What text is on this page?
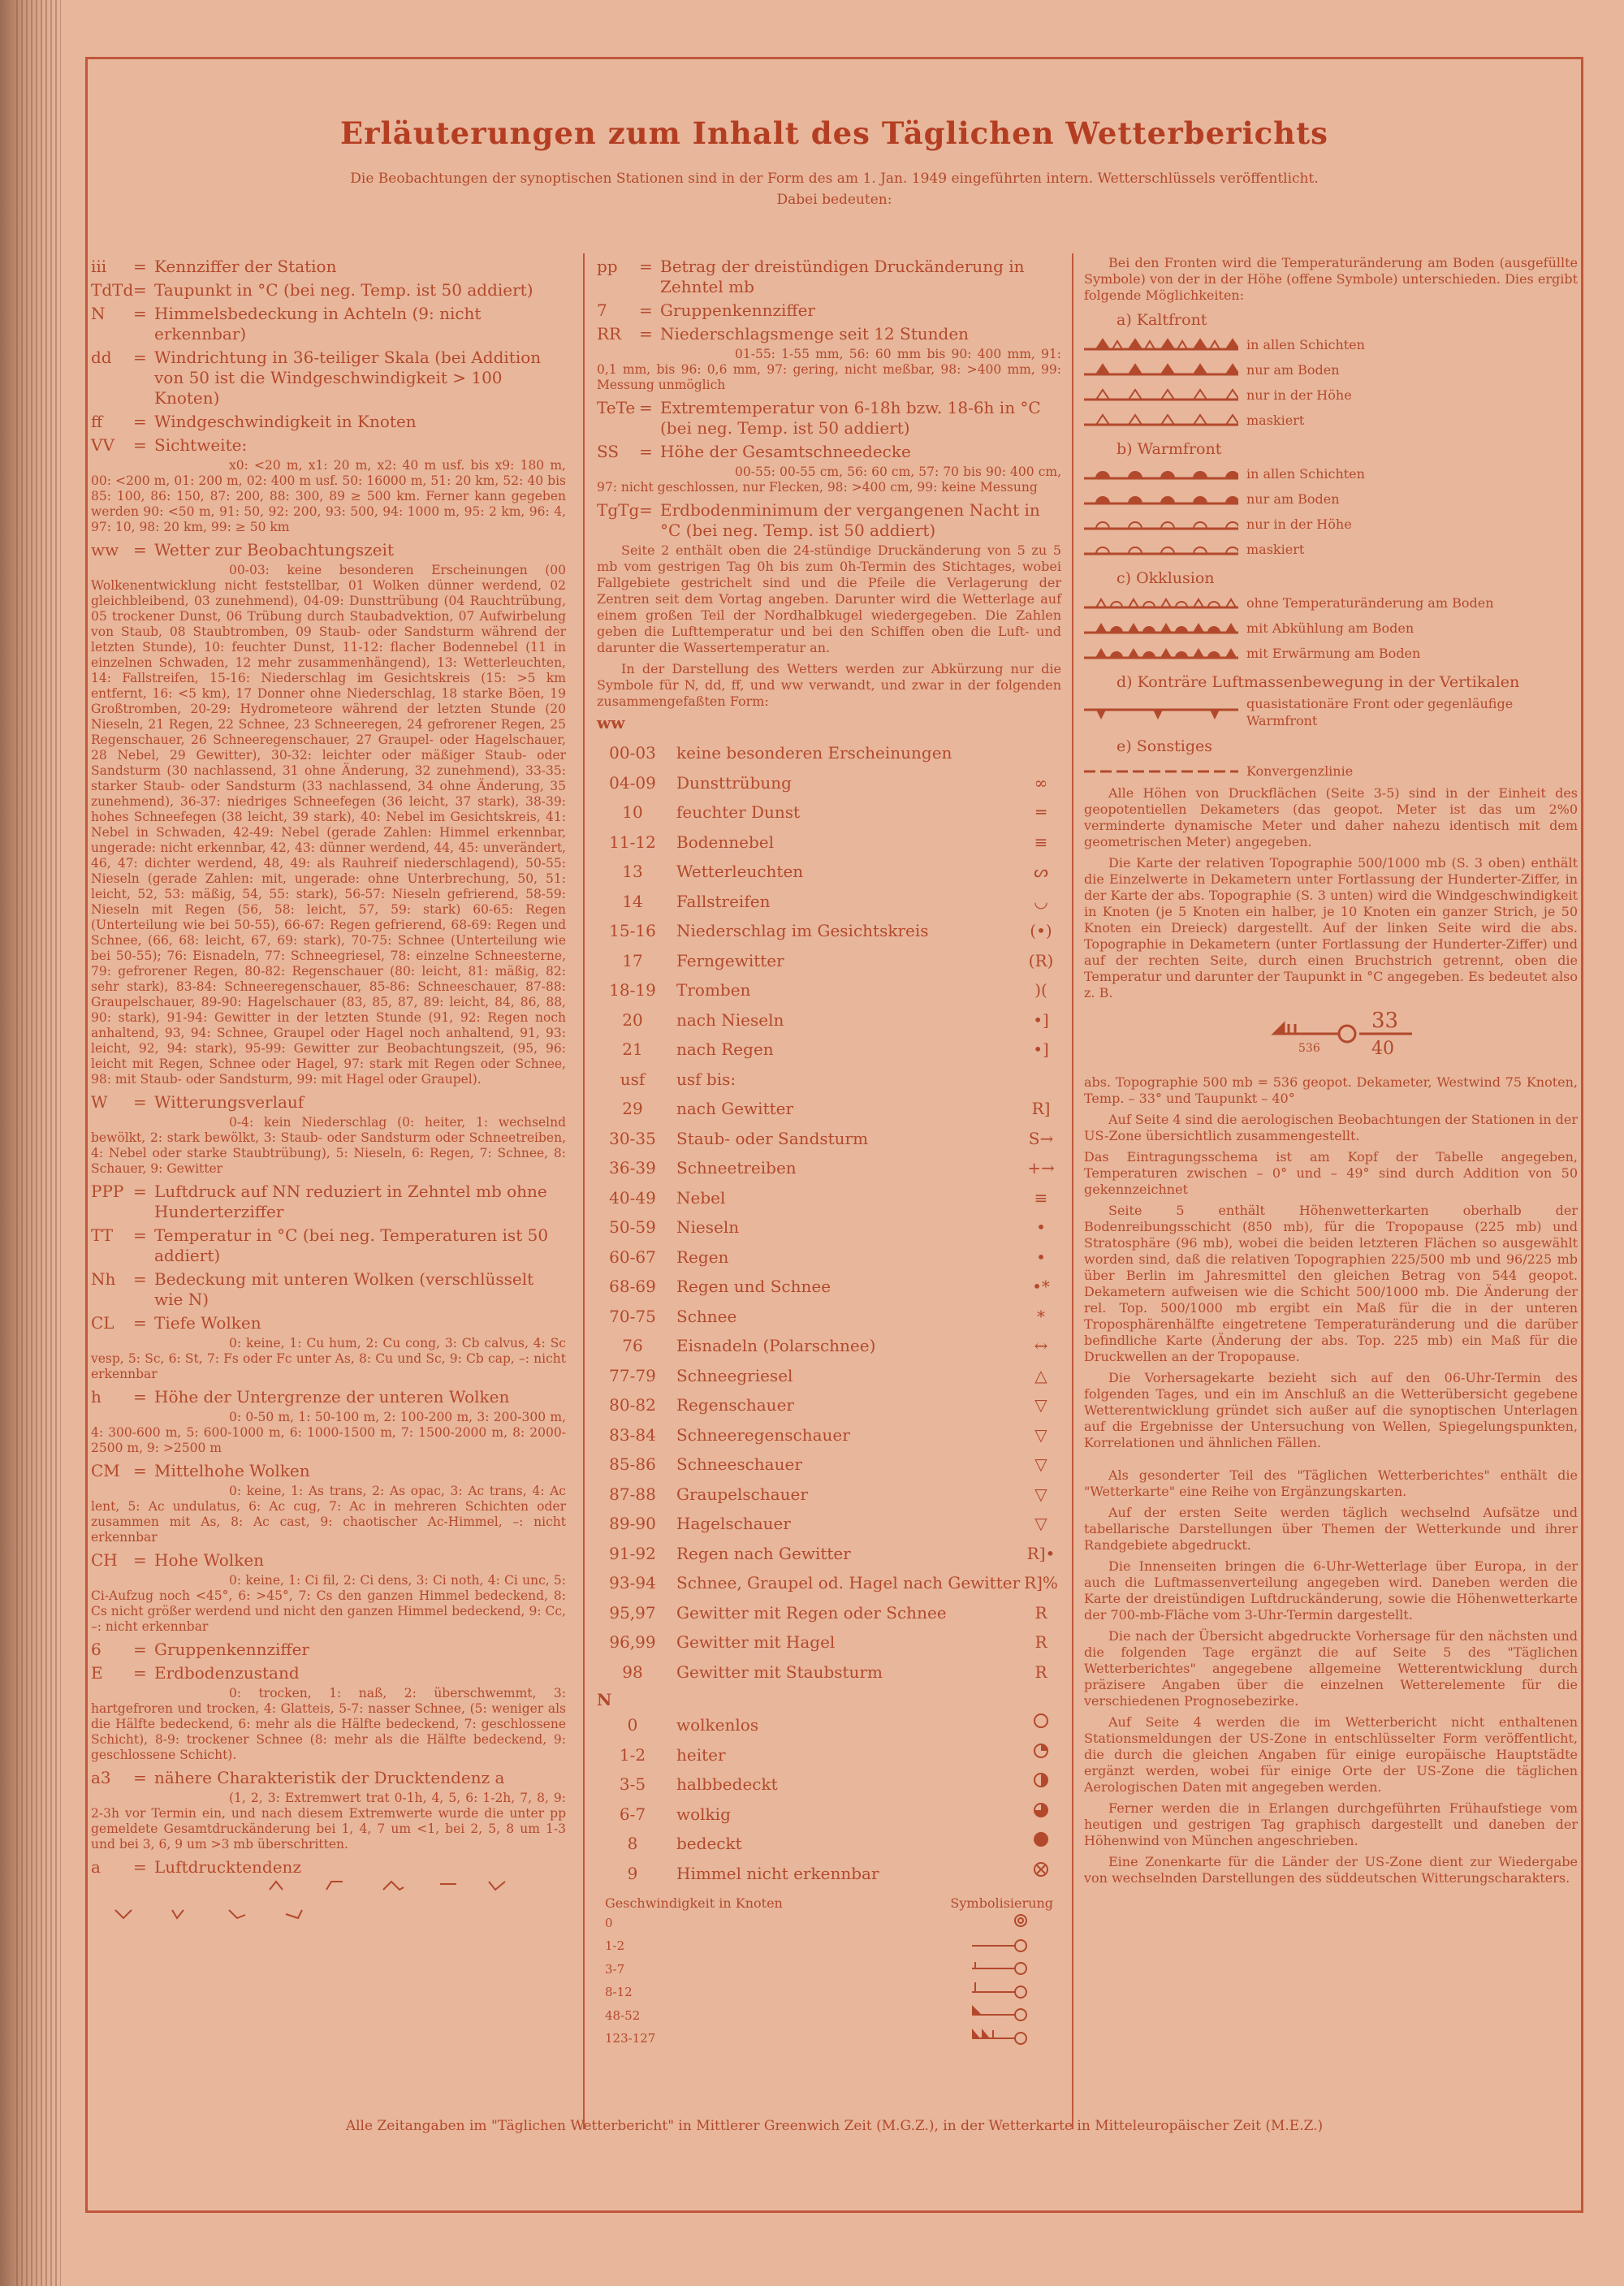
Erläuterungen zum Inhalt des Täglichen Wetterberichts
Die Beobachtungen der synoptischen Stationen sind in der Form des am 1. Jan. 1949 eingeführten intern. Wetterschlüssels veröffentlicht.
Dabei bedeuten:
iii	= Kennziffer der Station
TdTd = Taupunkt in °C (bei neg. Temp. ist 50 addiert)
N	= Himmelsbedeckung in Achteln (9: nicht erkennbar)
dd	= Windrichtung in 36-teiliger Skala (bei Addition von 50 ist die Windgeschwindigkeit > 100 Knoten)
ff	= Windgeschwindigkeit in Knoten
VV	= Sichtweite:
x0: <20 m, x1: 20 m, x2: 40 m usf. bis x9: 180 m, 00: <200 m, 01: 200 m, 02: 400 m usf. 50: 16000 m, 51: 20 km, 52: 40 bis 85: 100, 86: 150, 87: 200, 88: 300, 89 ≥ 500 km. Ferner kann gegeben werden 90: <50 m, 91: 50, 92: 200, 93: 500, 94: 1000 m, 95: 2 km, 96: 4, 97: 10, 98: 20 km, 99: ≥ 50 km
ww = Wetter zur Beobachtungszeit
00-03: keine besonderen Erscheinungen (00 Wolkenentwicklung nicht feststellbar, 01 Wolken dünner werdend, 02 gleichbleibend, 03 zunehmend), 04-09: Dunsttrübung (04 Rauchtrübung, 05 trockener Dunst, 06 Trübung durch Staubadvektion, 07 Aufwirbelung von Staub, 08 Staubtromben, 09 Staub- oder Sandsturm während der letzten Stunde), 10: feuchter Dunst, 11-12: flacher Bodennebel (11 in einzelnen Schwaden, 12 mehr zusammenhängend), 13: Wetterleuchten, 14: Fallstreifen, 15-16: Niederschlag im Gesichtskreis (15: >5 km entfernt, 16: <5 km), 17 Donner ohne Niederschlag, 18 starke Böen, 19 Großtromben, 20-29: Hydrometeore während der letzten Stunde (20 Nieseln, 21 Regen, 22 Schnee, 23 Schneeregen, 24 gefrorener Regen, 25 Regenschauer, 26 Schneeregenschauer, 27 Graupel- oder Hagelschauer, 28 Nebel, 29 Gewitter), 30-32: leichter oder mäßiger Staub- oder Sandsturm (30 nachlassend, 31 ohne Änderung, 32 zunehmend), 33-35: starker Staub- oder Sandsturm (33 nachlassend, 34 ohne Änderung, 35 zunehmend), 36-37: niedriges Schneefegen (36 leicht, 37 stark), 38-39: hohes Schneefegen (38 leicht, 39 stark), 40: Nebel im Gesichtskreis, 41: Nebel in Schwaden, 42-49: Nebel (gerade Zahlen: Himmel erkennbar, ungerade: nicht erkennbar, 42, 43: dünner werdend, 44, 45: unverändert, 46, 47: dichter werdend, 48, 49: als Rauhreif niederschlagend), 50-55: Nieseln (gerade Zahlen: mit, ungerade: ohne Unterbrechung, 50, 51: leicht, 52, 53: mäßig, 54, 55: stark), 56-57: Nieseln gefrierend, 58-59: Nieseln mit Regen (56, 58: leicht, 57, 59: stark) 60-65: Regen (Unterteilung wie bei 50-55), 66-67: Regen gefrierend, 68-69: Regen und Schnee, (66, 68: leicht, 67, 69: stark), 70-75: Schnee (Unterteilung wie bei 50-55); 76: Eisnadeln, 77: Schneegriesel, 78: einzelne Schneesterne, 79: gefrorener Regen, 80-82: Regenschauer (80: leicht, 81: mäßig, 82: sehr stark), 83-84: Schneeregenschauer, 85-86: Schneeschauer, 87-88: Graupelschauer, 89-90: Hagelschauer (83, 85, 87, 89: leicht, 84, 86, 88, 90: stark), 91-94: Gewitter in der letzten Stunde (91, 92: Regen noch anhaltend, 93, 94: Schnee, Graupel oder Hagel noch anhaltend, 91, 93: leicht, 92, 94: stark), 95-99: Gewitter zur Beobachtungszeit, (95, 96: leicht mit Regen, Schnee oder Hagel, 97: stark mit Regen oder Schnee, 98: mit Staub- oder Sandsturm, 99: mit Hagel oder Graupel).
W	= Witterungsverlauf
0-4: kein Niederschlag (0: heiter, 1: wechselnd bewölkt, 2: stark bewölkt, 3: Staub- oder Sandsturm oder Schneetreiben, 4: Nebel oder starke Staubtrübung), 5: Nieseln, 6: Regen, 7: Schnee, 8: Schauer, 9: Gewitter
PPP = Luftdruck auf NN reduziert in Zehntel mb ohne Hunderterziffer
TT	= Temperatur in °C (bei neg. Temperaturen ist 50 addiert)
Nh	= Bedeckung mit unteren Wolken (verschlüsselt wie N)
CL	= Tiefe Wolken
0: keine, 1: Cu hum, 2: Cu cong, 3: Cb calvus, 4: Sc vesp, 5: Sc, 6: St, 7: Fs oder Fc unter As, 8: Cu und Sc, 9: Cb cap, –: nicht erkennbar
h	= Höhe der Untergrenze der unteren Wolken
0: 0-50 m, 1: 50-100 m, 2: 100-200 m, 3: 200-300 m, 4: 300-600 m, 5: 600-1000 m, 6: 1000-1500 m, 7: 1500-2000 m, 8: 2000-2500 m, 9: >2500 m
CM = Mittelhohe Wolken
0: keine, 1: As trans, 2: As opac, 3: Ac trans, 4: Ac lent, 5: Ac undulatus, 6: Ac cug, 7: Ac in mehreren Schichten oder zusammen mit As, 8: Ac cast, 9: chaotischer Ac-Himmel, –: nicht erkennbar
CH = Hohe Wolken
0: keine, 1: Ci fil, 2: Ci dens, 3: Ci noth, 4: Ci unc, 5: Ci-Aufzug noch <45°, 6: >45°, 7: Cs den ganzen Himmel bedeckend, 8: Cs nicht größer werdend und nicht den ganzen Himmel bedeckend, 9: Cc, –: nicht erkennbar
6	= Gruppenkennziffer
E	= Erdbodenzustand
0: trocken, 1: naß, 2: überschwemmt, 3: hartgefroren und trocken, 4: Glatteis, 5-7: nasser Schnee, (5: weniger als die Hälfte bedeckend, 6: mehr als die Hälfte bedeckend, 7: geschlossene Schicht), 8-9: trockener Schnee (8: mehr als die Hälfte bedeckend, 9: geschlossene Schicht).
a3	= nähere Charakteristik der Drucktendenz a
(1, 2, 3: Extremwert trat 0-1h, 4, 5, 6: 1-2h, 7, 8, 9: 2-3h vor Termin ein, und nach diesem Extremwerte wurde die unter pp gemeldete Gesamtdruckänderung bei 1, 4, 7 um <1, bei 2, 5, 8 um 1-3 und bei 3, 6, 9 um >3 mb überschritten.
a	= Luftdrucktendenz
pp	= Betrag der dreistündigen Druckänderung in Zehntel mb
7	= Gruppenkennziffer
RR	= Niederschlagsmenge seit 12 Stunden
01-55: 1-55 mm, 56: 60 mm bis 90: 400 mm, 91: 0,1 mm, bis 96: 0,6 mm, 97: gering, nicht meßbar, 98: >400 mm, 99: Messung unmöglich
TeTe = Extremtemperatur von 6-18h bzw. 18-6h in °C (bei neg. Temp. ist 50 addiert)
SS	= Höhe der Gesamtschneedecke
00-55: 00-55 cm, 56: 60 cm, 57: 70 bis 90: 400 cm, 97: nicht geschlossen, nur Flecken, 98: >400 cm, 99: keine Messung
TgTg = Erdbodenminimum der vergangenen Nacht in °C (bei neg. Temp. ist 50 addiert)
Seite 2 enthält oben die 24-stündige Druckänderung von 5 zu 5 mb vom gestrigen Tag 0h bis zum 0h-Termin des Stichtages, wobei Fallgebiete gestrichelt sind und die Pfeile die Verlagerung der Zentren seit dem Vortag angeben. Darunter wird die Wetterlage auf einem großen Teil der Nordhalbkugel wiedergegeben. Die Zahlen geben die Lufttemperatur und bei den Schiffen oben die Luft- und darunter die Wassertemperatur an.
In der Darstellung des Wetters werden zur Abkürzung nur die Symbole für N, dd, ff, und ww verwandt, und zwar in der folgenden zusammengefaßten Form:
ww
00-03	keine besonderen Erscheinungen
04-09	Dunsttrübung	∞
10	feuchter Dunst	═
11-12	Bodennebel	≡
13	Wetterleuchten	ᔕ
14	Fallstreifen	◡
15-16	Niederschlag im Gesichtskreis	(•)
17	Ferngewitter	(R)
18-19	Tromben	)(
20	nach Nieseln	•]
21	nach Regen	•]
usf	usf bis:
29	nach Gewitter	R]
30-35	Staub- oder Sandsturm	S→
36-39	Schneetreiben	+→
40-49	Nebel	≡
50-59	Nieseln	•
60-67	Regen	•
68-69	Regen und Schnee	•*
70-75	Schnee	*
76	Eisnadeln (Polarschnee)	↔
77-79	Schneegriesel	△
80-82	Regenschauer	▽
83-84	Schneeregenschauer	▽
85-86	Schneeschauer	▽
87-88	Graupelschauer	▽
89-90	Hagelschauer	▽
91-92	Regen nach Gewitter	R]•
93-94	Schnee, Graupel od. Hagel nach Gewitter R]%
95,97	Gewitter mit Regen oder Schnee	R
96,99	Gewitter mit Hagel	R
98	Gewitter mit Staubsturm	R
N
0	wolkenlos
1-2	heiter
3-5	halbbedeckt
6-7	wolkig
8	bedeckt
9	Himmel nicht erkennbar
Geschwindigkeit in Knoten	Symbolisierung
0
1-2
3-7
8-12
48-52
123-127
Bei den Fronten wird die Temperaturänderung am Boden (ausgefüllte Symbole) von der in der Höhe (offene Symbole) unterschieden. Dies ergibt folgende Möglichkeiten:
a) Kaltfront
in allen Schichten
nur am Boden
nur in der Höhe
maskiert
b) Warmfront
in allen Schichten
nur am Boden
nur in der Höhe
maskiert
c) Okklusion
ohne Temperaturänderung am Boden
mit Abkühlung am Boden
mit Erwärmung am Boden
d) Konträre Luftmassenbewegung in der Vertikalen
quasistationäre Front oder gegenläufige Warmfront
e) Sonstiges
Konvergenzlinie
Alle Höhen von Druckflächen (Seite 3-5) sind in der Einheit des geopotentiellen Dekameters (das geopot. Meter ist das um 2%0 verminderte dynamische Meter und daher nahezu identisch mit dem geometrischen Meter) angegeben.
Die Karte der relativen Topographie 500/1000 mb (S. 3 oben) enthält die Einzelwerte in Dekametern unter Fortlassung der Hunderter-Ziffer, in der Karte der abs. Topographie (S. 3 unten) wird die Windgeschwindigkeit in Knoten (je 5 Knoten ein halber, je 10 Knoten ein ganzer Strich, je 50 Knoten ein Dreieck) dargestellt. Auf der linken Seite wird die abs. Topographie in Dekametern (unter Fortlassung der Hunderter-Ziffer) und auf der rechten Seite, durch einen Bruchstrich getrennt, oben die Temperatur und darunter der Taupunkt in °C angegeben. Es bedeutet also z. B.
536
33
40
abs. Topographie 500 mb = 536 geopot. Dekameter, Westwind 75 Knoten, Temp. – 33° und Taupunkt – 40°
Auf Seite 4 sind die aerologischen Beobachtungen der Stationen in der US-Zone übersichtlich zusammengestellt.
Das Eintragungsschema ist am Kopf der Tabelle angegeben, Temperaturen zwischen – 0° und – 49° sind durch Addition von 50 gekennzeichnet
Seite 5 enthält Höhenwetterkarten oberhalb der Bodenreibungsschicht (850 mb), für die Tropopause (225 mb) und Stratosphäre (96 mb), wobei die beiden letzteren Flächen so ausgewählt worden sind, daß die relativen Topographien 225/500 mb und 96/225 mb über Berlin im Jahresmittel den gleichen Betrag von 544 geopot. Dekametern aufweisen wie die Schicht 500/1000 mb. Die Änderung der rel. Top. 500/1000 mb ergibt ein Maß für die in der unteren Troposphärenhälfte eingetretene Temperaturänderung und die darüber befindliche Karte (Änderung der abs. Top. 225 mb) ein Maß für die Druckwellen an der Tropopause.
Die Vorhersagekarte bezieht sich auf den 06-Uhr-Termin des folgenden Tages, und ein im Anschluß an die Wetterübersicht gegebene Wetterentwicklung gründet sich außer auf die synoptischen Unterlagen auf die Ergebnisse der Untersuchung von Wellen, Spiegelungspunkten, Korrelationen und ähnlichen Fällen.
Als gesonderter Teil des "Täglichen Wetterberichtes" enthält die "Wetterkarte" eine Reihe von Ergänzungskarten.
Auf der ersten Seite werden täglich wechselnd Aufsätze und tabellarische Darstellungen über Themen der Wetterkunde und ihrer Randgebiete abgedruckt.
Die Innenseiten bringen die 6-Uhr-Wetterlage über Europa, in der auch die Luftmassenverteilung angegeben wird. Daneben werden die Karte der dreistündigen Luftdruckänderung, sowie die Höhenwetterkarte der 700-mb-Fläche vom 3-Uhr-Termin dargestellt.
Die nach der Übersicht abgedruckte Vorhersage für den nächsten und die folgenden Tage ergänzt die auf Seite 5 des "Täglichen Wetterberichtes" angegebene allgemeine Wetterentwicklung durch präzisere Angaben über die einzelnen Wetterelemente für die verschiedenen Prognosebezirke.
Auf Seite 4 werden die im Wetterbericht nicht enthaltenen Stationsmeldungen der US-Zone in entschlüsselter Form veröffentlicht, die durch die gleichen Angaben für einige europäische Hauptstädte ergänzt werden, wobei für einige Orte der US-Zone die täglichen Aerologischen Daten mit angegeben werden.
Ferner werden die in Erlangen durchgeführten Frühaufstiege vom heutigen und gestrigen Tag graphisch dargestellt und daneben der Höhenwind von München angeschrieben.
Eine Zonenkarte für die Länder der US-Zone dient zur Wiedergabe von wechselnden Darstellungen des süddeutschen Witterungscharakters.
Alle Zeitangaben im "Täglichen Wetterbericht" in Mittlerer Greenwich Zeit (M.G.Z.), in der Wetterkarte in Mitteleuropäischer Zeit (M.E.Z.)
